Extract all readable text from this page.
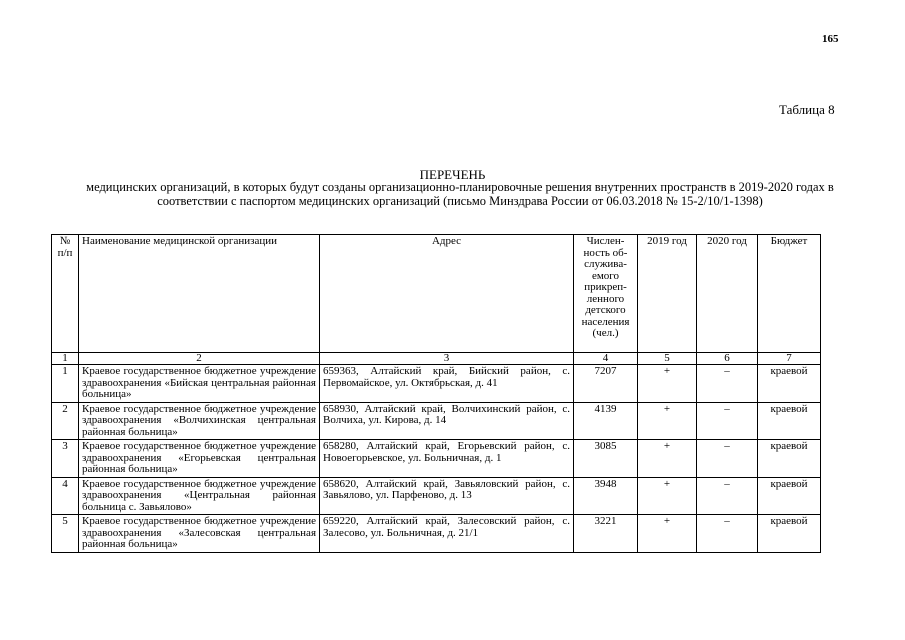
165
Таблица 8
ПЕРЕЧЕНЬ
медицинских организаций, в которых будут созданы организационно-планировочные решения внутренних пространств в 2019-2020 годах в соответствии с паспортом медицинских организаций (письмо Минздрава России от 06.03.2018 № 15-2/10/1-1398)
№ п/п	Наименование медицинской организации	Адрес	Числен-ность об-служива-емого прикреп-ленного детского населения (чел.)	2019 год	2020 год	Бюджет
1	2	3	4	5	6	7
1	Краевое государственное бюджетное учреждение здравоохранения «Бийская центральная районная больница»	659363, Алтайский край, Бийский район, с. Первомайское, ул. Октябрьская, д. 41	7207	+	–	краевой
2	Краевое государственное бюджетное учреждение здравоохранения «Волчихинская центральная районная больница»	658930, Алтайский край, Волчихинский район, с. Волчиха, ул. Кирова, д. 14	4139	+	–	краевой
3	Краевое государственное бюджетное учреждение здравоохранения «Егорьевская центральная районная больница»	658280, Алтайский край, Егорьевский район, с. Новоегорьевское, ул. Больничная, д. 1	3085	+	–	краевой
4	Краевое государственное бюджетное учреждение здравоохранения «Центральная районная больница с. Завьялово»	658620, Алтайский край, Завьяловский район, с. Завьялово, ул. Парфеново, д. 13	3948	+	–	краевой
5	Краевое государственное бюджетное учреждение здравоохранения «Залесовская центральная районная больница»	659220, Алтайский край, Залесовский район, с. Залесово, ул. Больничная, д. 21/1	3221	+	–	краевой
